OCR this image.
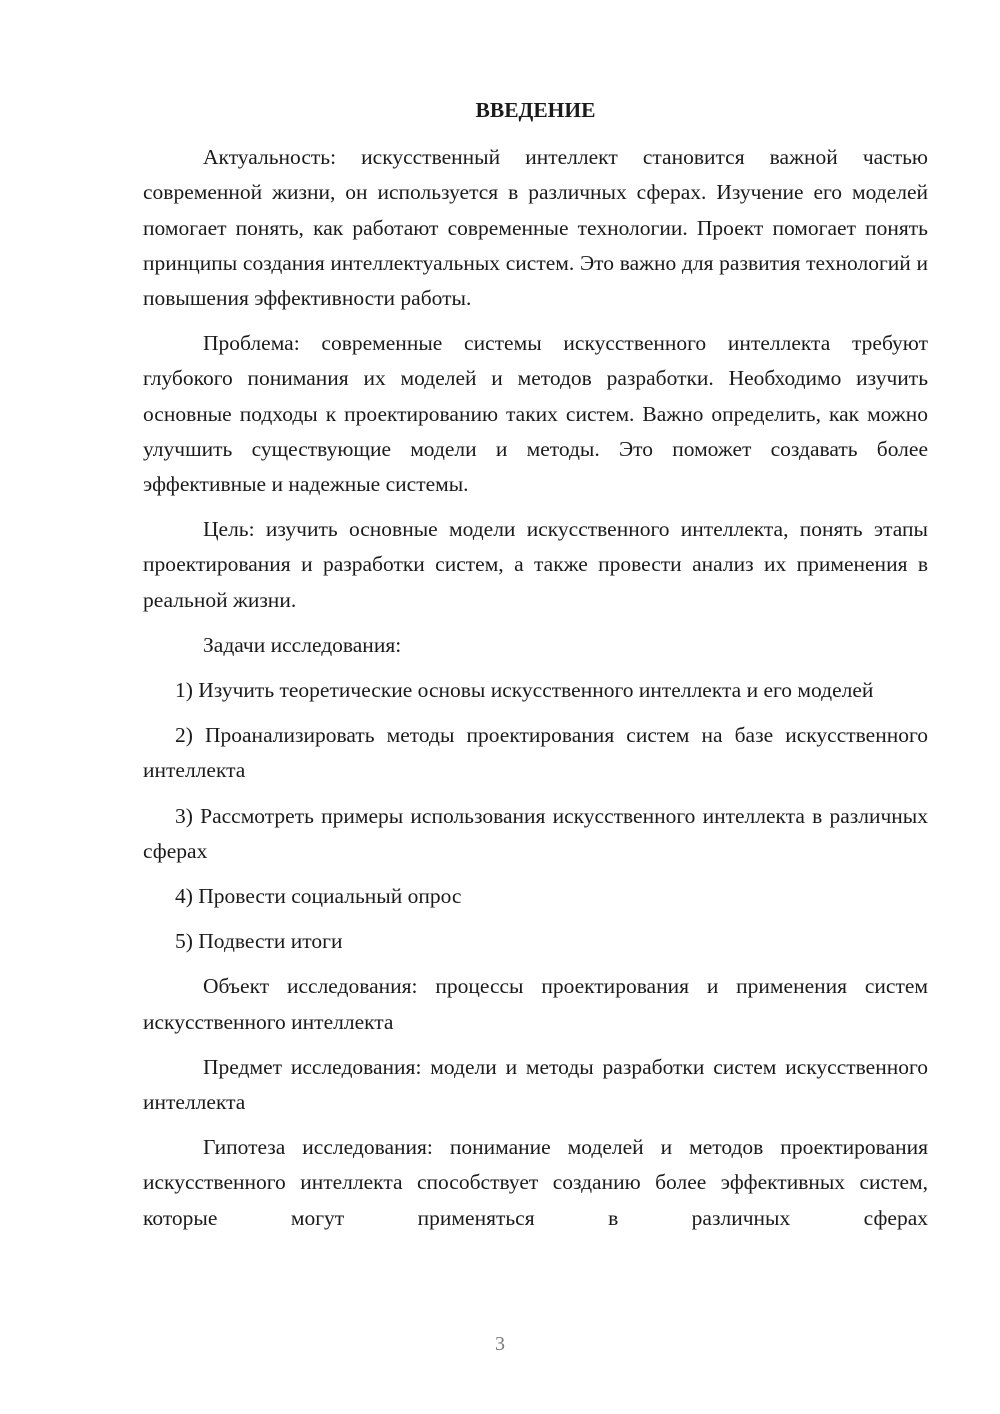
ВВЕДЕНИЕ

Актуальность: искусственный интеллект становится важной частью современной жизни, он используется в различных сферах. Изучение его моделей помогает понять, как работают современные технологии. Проект помогает понять принципы создания интеллектуальных систем. Это важно для развития технологий и повышения эффективности работы.

Проблема: современные системы искусственного интеллекта требуют глубокого понимания их моделей и методов разработки. Необходимо изучить основные подходы к проектированию таких систем. Важно определить, как можно улучшить существующие модели и методы. Это поможет создавать более эффективные и надежные системы.

Цель: изучить основные модели искусственного интеллекта, понять этапы проектирования и разработки систем, а также провести анализ их применения в реальной жизни.

Задачи исследования:

1) Изучить теоретические основы искусственного интеллекта и его моделей

2) Проанализировать методы проектирования систем на базе искусственного интеллекта

3) Рассмотреть примеры использования искусственного интеллекта в различных сферах

4) Провести социальный опрос

5) Подвести итоги

Объект исследования: процессы проектирования и применения систем искусственного интеллекта

Предмет исследования: модели и методы разработки систем искусственного интеллекта

Гипотеза исследования: понимание моделей и методов проектирования искусственного интеллекта способствует созданию более эффективных систем, которые могут применяться в различных сферах

3
